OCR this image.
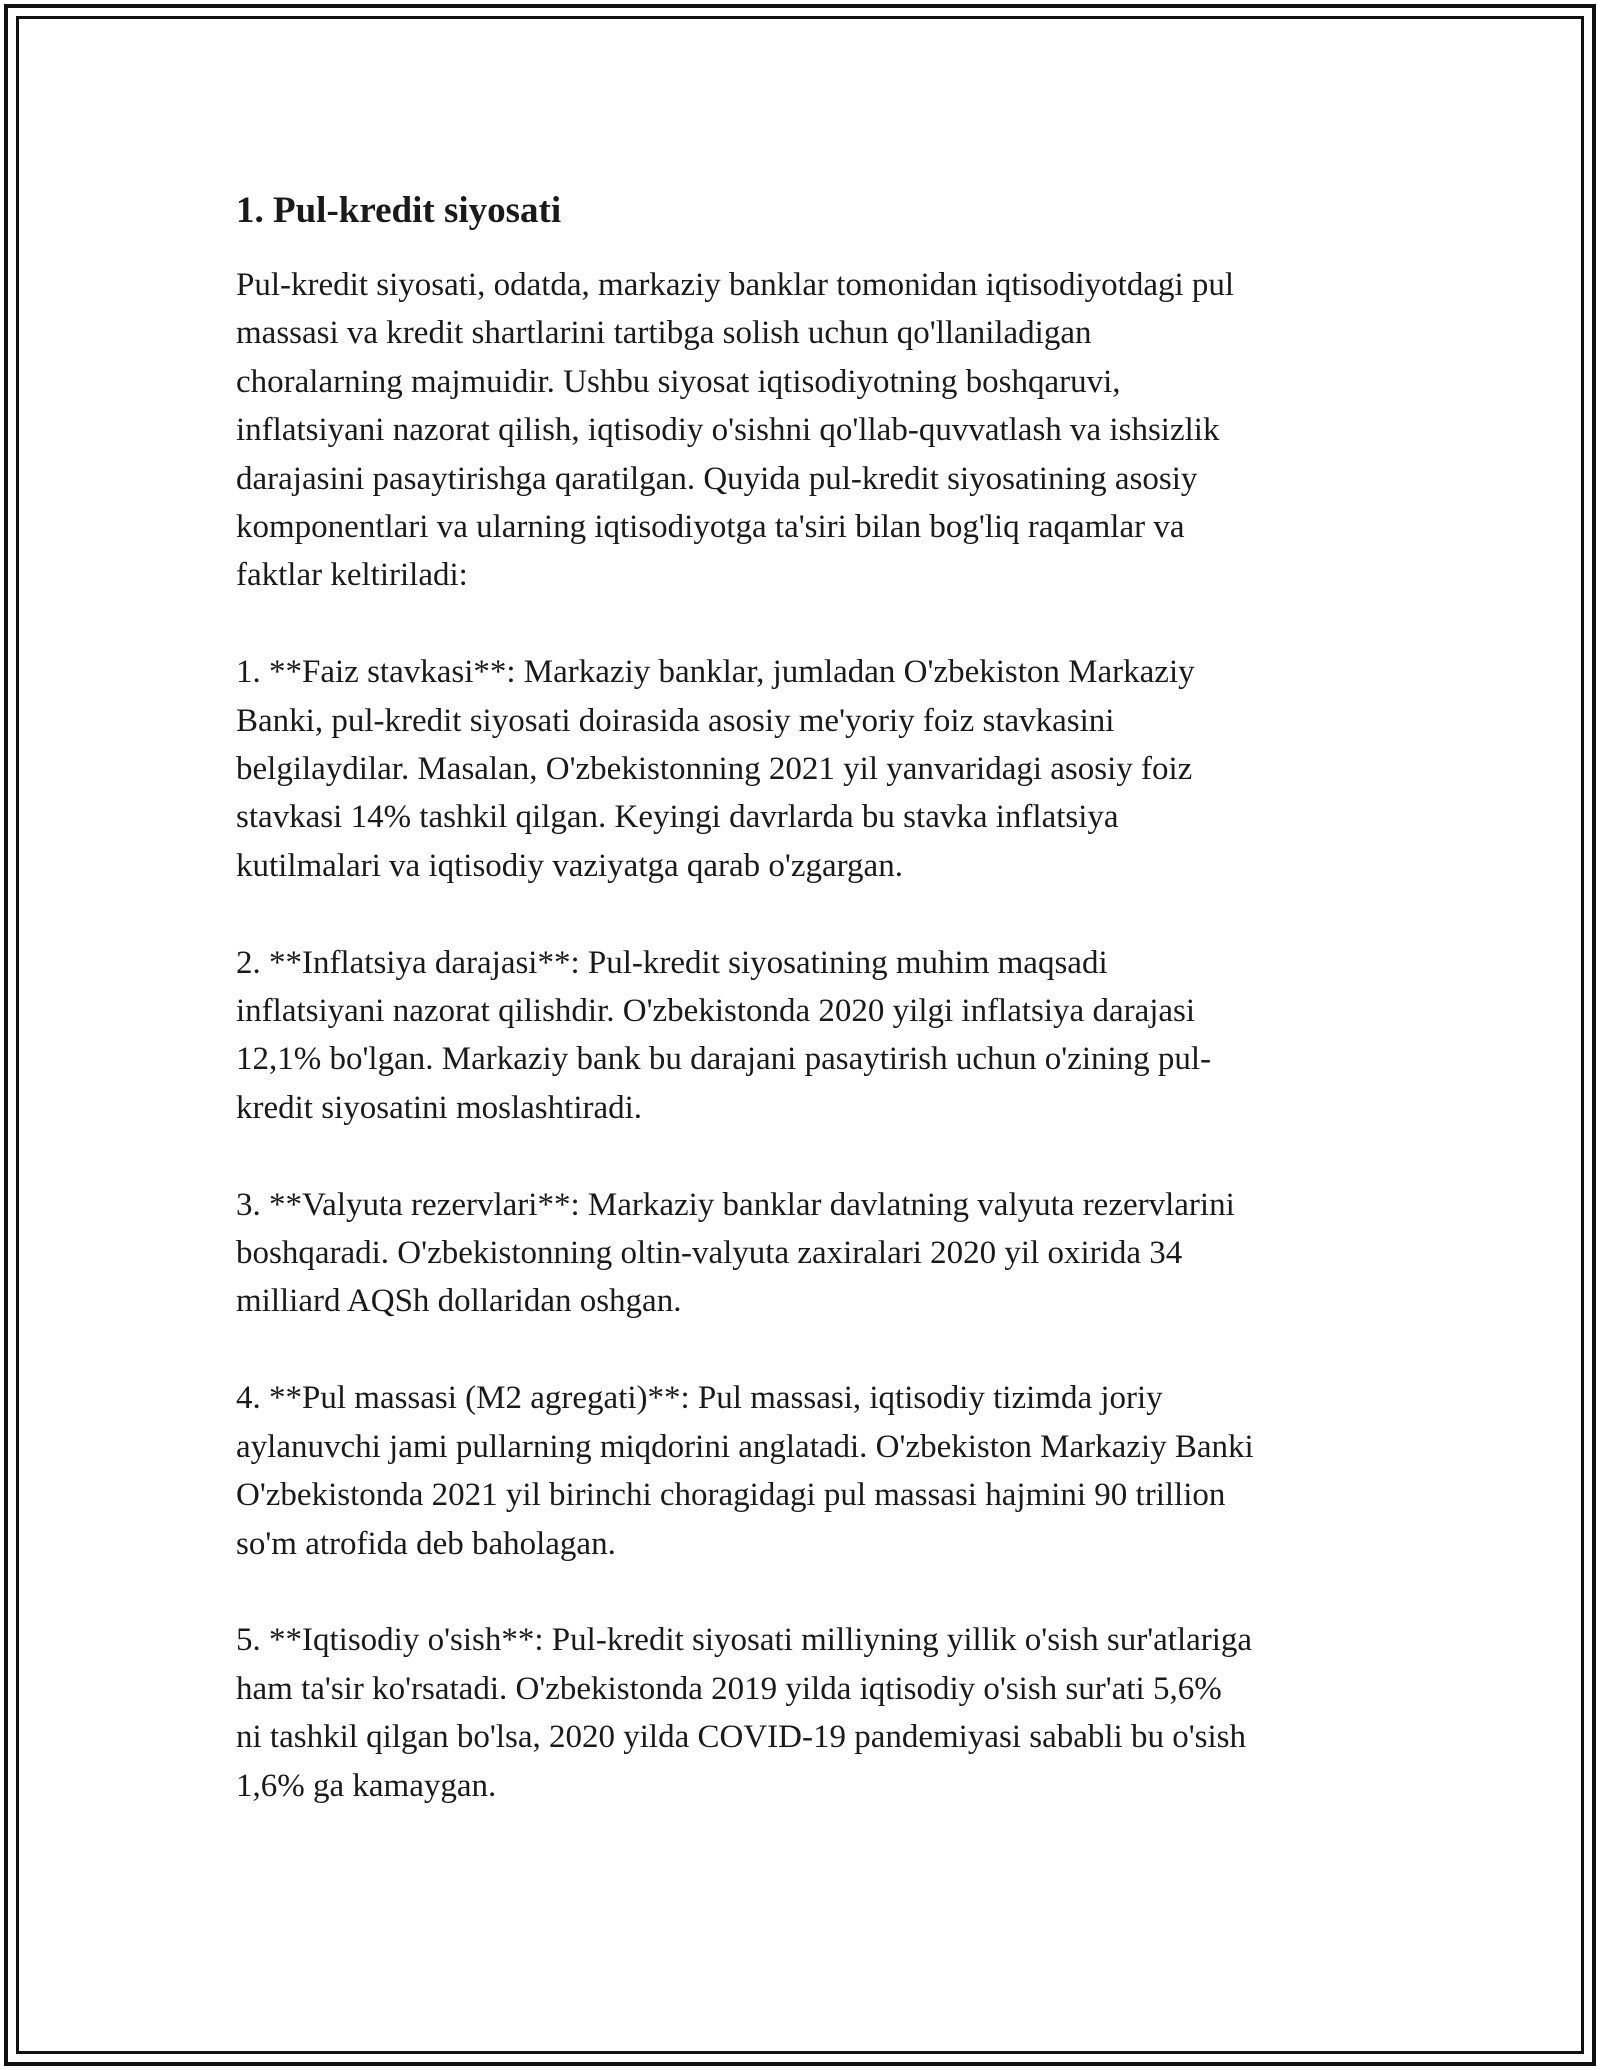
1. Pul-kredit siyosati

Pul-kredit siyosati, odatda, markaziy banklar tomonidan iqtisodiyotdagi pul
massasi va kredit shartlarini tartibga solish uchun qo'llaniladigan
choralarning majmuidir. Ushbu siyosat iqtisodiyotning boshqaruvi,
inflatsiyani nazorat qilish, iqtisodiy o'sishni qo'llab-quvvatlash va ishsizlik
darajasini pasaytirishga qaratilgan. Quyida pul-kredit siyosatining asosiy
komponentlari va ularning iqtisodiyotga ta'siri bilan bog'liq raqamlar va
faktlar keltiriladi:

1. **Faiz stavkasi**: Markaziy banklar, jumladan O'zbekiston Markaziy
Banki, pul-kredit siyosati doirasida asosiy me'yoriy foiz stavkasini
belgilaydilar. Masalan, O'zbekistonning 2021 yil yanvaridagi asosiy foiz
stavkasi 14% tashkil qilgan. Keyingi davrlarda bu stavka inflatsiya
kutilmalari va iqtisodiy vaziyatga qarab o'zgargan.

2. **Inflatsiya darajasi**: Pul-kredit siyosatining muhim maqsadi
inflatsiyani nazorat qilishdir. O'zbekistonda 2020 yilgi inflatsiya darajasi
12,1% bo'lgan. Markaziy bank bu darajani pasaytirish uchun o'zining pul-
kredit siyosatini moslashtiradi.

3. **Valyuta rezervlari**: Markaziy banklar davlatning valyuta rezervlarini
boshqaradi. O'zbekistonning oltin-valyuta zaxiralari 2020 yil oxirida 34
milliard AQSh dollaridan oshgan.

4. **Pul massasi (M2 agregati)**: Pul massasi, iqtisodiy tizimda joriy
aylanuvchi jami pullarning miqdorini anglatadi. O'zbekiston Markaziy Banki
O'zbekistonda 2021 yil birinchi choragidagi pul massasi hajmini 90 trillion
so'm atrofida deb baholagan.

5. **Iqtisodiy o'sish**: Pul-kredit siyosati milliyning yillik o'sish sur'atlariga
ham ta'sir ko'rsatadi. O'zbekistonda 2019 yilda iqtisodiy o'sish sur'ati 5,6%
ni tashkil qilgan bo'lsa, 2020 yilda COVID-19 pandemiyasi sababli bu o'sish
1,6% ga kamaygan.
